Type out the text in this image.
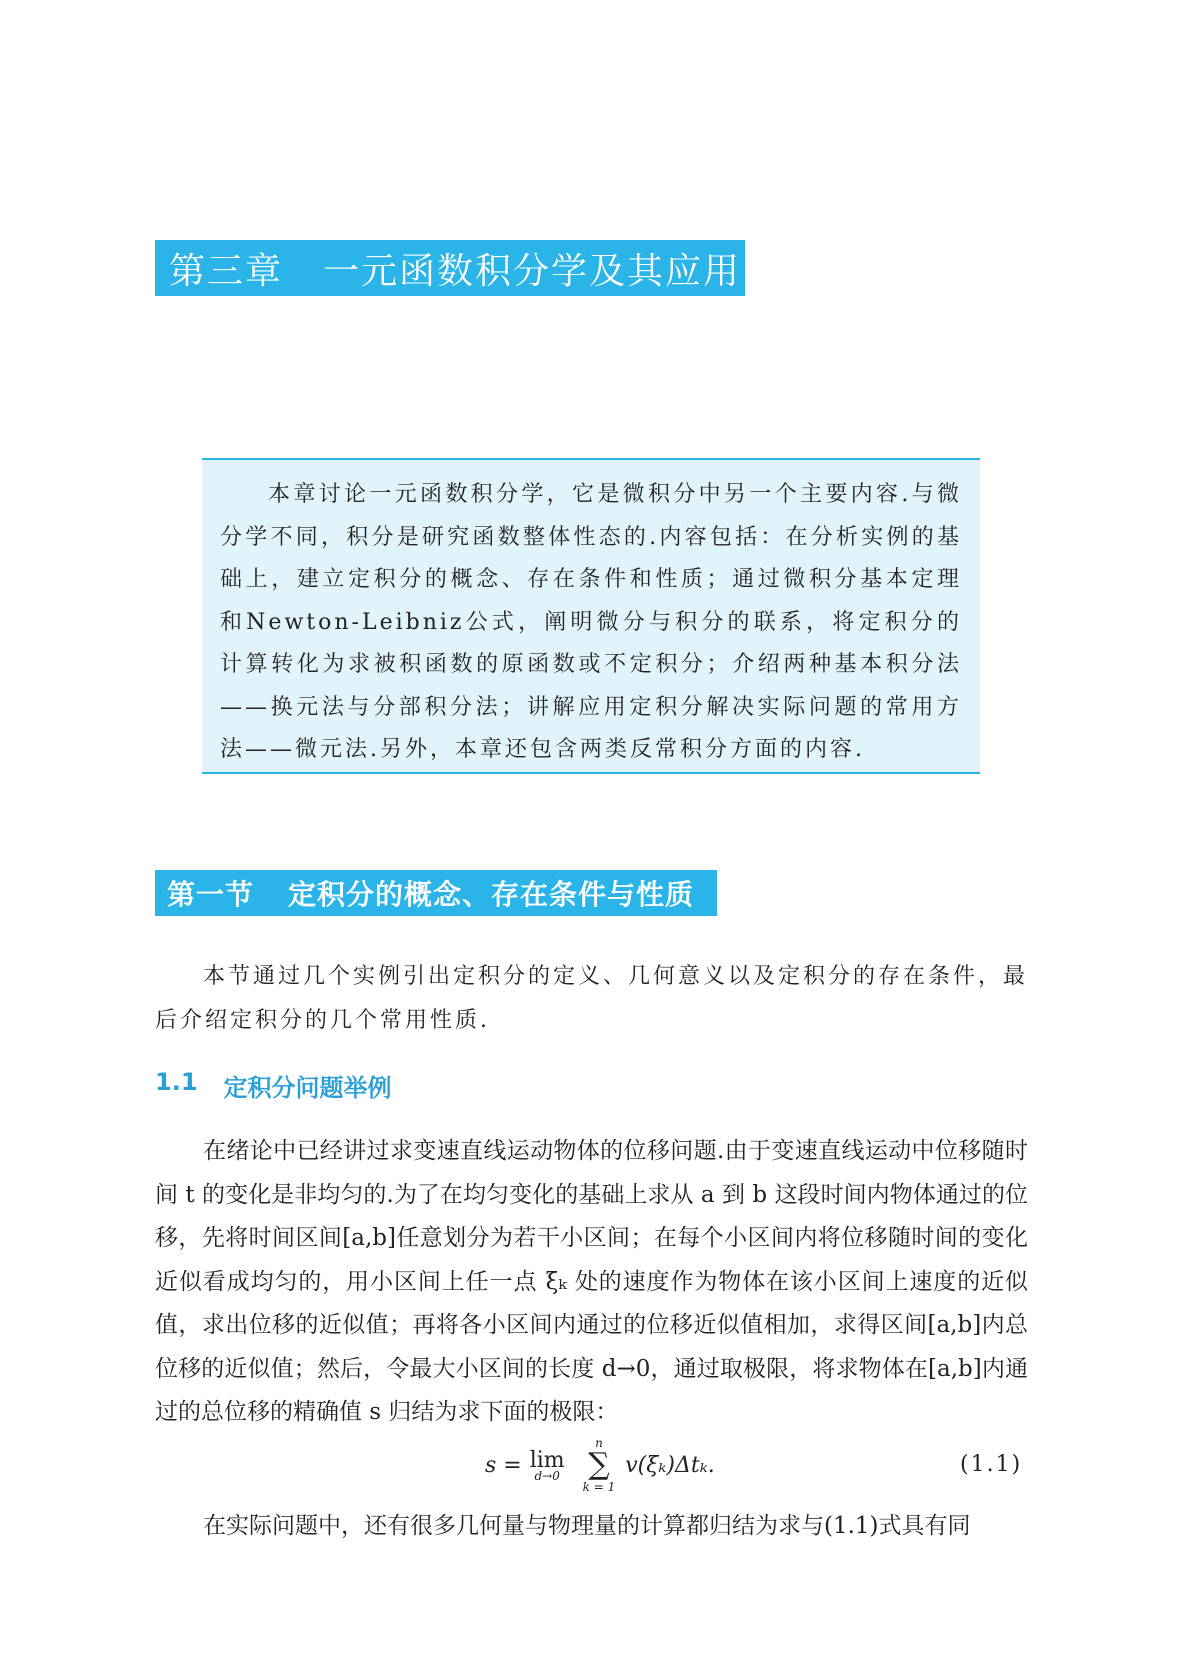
第三章 一元函数积分学及其应用

本章讨论一元函数积分学，它是微积分中另一个主要内容.与微分学不同，积分是研究函数整体性态的.内容包括：在分析实例的基础上，建立定积分的概念、存在条件和性质；通过微积分基本定理和Newton-Leibniz公式，阐明微分与积分的联系，将定积分的计算转化为求被积函数的原函数或不定积分；介绍两种基本积分法——换元法与分部积分法；讲解应用定积分解决实际问题的常用方法——微元法.另外，本章还包含两类反常积分方面的内容.

第一节 定积分的概念、存在条件与性质

本节通过几个实例引出定积分的定义、几何意义以及定积分的存在条件，最后介绍定积分的几个常用性质.

1.1 定积分问题举例

在绪论中已经讲过求变速直线运动物体的位移问题.由于变速直线运动中位移随时间 t 的变化是非均匀的.为了在均匀变化的基础上求从 a 到 b 这段时间内物体通过的位移，先将时间区间[a,b]任意划分为若干小区间；在每个小区间内将位移随时间的变化近似看成均匀的，用小区间上任一点 ξₖ 处的速度作为物体在该小区间上速度的近似值，求出位移的近似值；再将各小区间内通过的位移近似值相加，求得区间[a,b]内总位移的近似值；然后，令最大小区间的长度 d→0，通过取极限，将求物体在[a,b]内通过的总位移的精确值 s 归结为求下面的极限：

s = lim
d→0
n
∑
k = 1
v(ξₖ)Δtₖ.	(1.1)

在实际问题中，还有很多几何量与物理量的计算都归结为求与(1.1)式具有同
